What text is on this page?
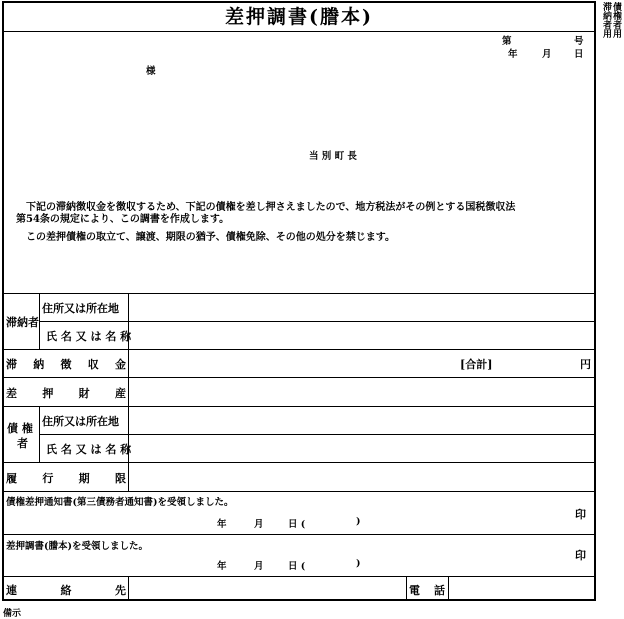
債権者用
滞納者用
差押調書(謄本)
第	号
年	月 日
様
当 別 町 長
下記の滞納徴収金を徴収するため、下記の債権を差し押さえましたので、地方税法がその例とする国税徴収法
第54条の規定により、この調書を作成します。
この差押債権の取立て、譲渡、期限の猶予、債権免除、その他の処分を禁じます。
滞納者
住所又は所在地
氏 名 又 は 名 称
滞 納 徴 収 金	[合計]	円
差 押 財 産
債 権
者
住所又は所在地
氏 名 又 は 名 称
履 行 期 限
債権差押通知書(第三債務者通知書)を受領しました。
年	月	日 (	)
印
差押調書(謄本)を受領しました。
年	月	日 (	)
印
連	絡	先	電 話
備示
